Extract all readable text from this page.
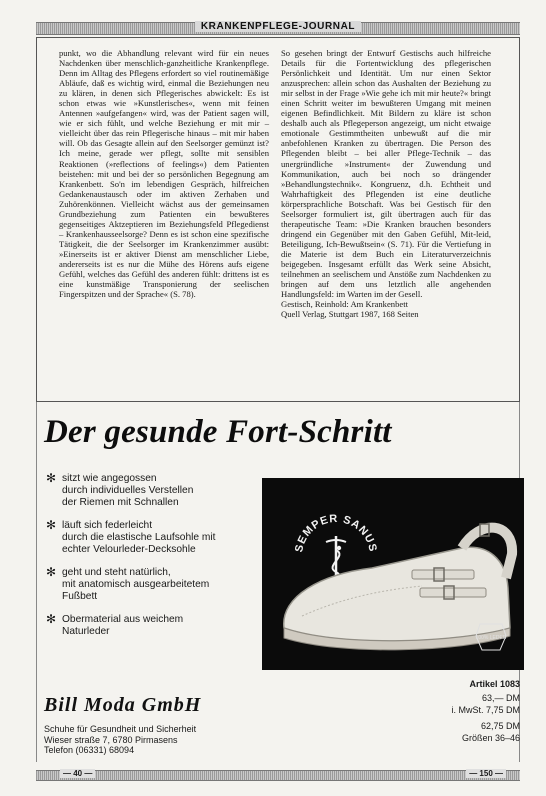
KRANKENPFLEGE-JOURNAL

punkt, wo die Abhandlung relevant wird für ein neues Nachdenken über menschlich-ganzheitliche Krankenpflege. Denn im Alltag des Pflegens erfordert so viel routinemäßige Abläufe, daß es wichtig wird, einmal die Beziehungen neu zu klären, in denen sich Pflegerisches abwickelt: Es ist schon etwas wie »Kunstlerisches«, wenn mit feinen Antennen »aufgefangen« wird, was der Patient sagen will, wie er sich fühlt, und welche Beziehung er mit mir – vielleicht über das rein Pflegerische hinaus – mit mir haben will. Ob das Gesagte allein auf den Seelsorger gemünzt ist? Ich meine, gerade wer pflegt, sollte mit sensiblen Reaktionen (»reflections of feelings«) dem Patienten beistehen: mit und bei der so persönlichen Begegnung am Krankenbett. So'n im lebendigen Gespräch, hilfreichen Gedankenaustausch oder im aktiven Zerhaben und Zuhörenkönnen. Vielleicht wächst aus der gemeinsamen Grundbeziehung zum Patienten ein bewußteres gegenseitiges Aktzeptieren im Beziehungsfeld Pflegedienst – Krankenhausseelsorge? Denn es ist schon eine spezifische Tätigkeit, die der Seelsorger im Krankenzimmer ausübt: »Einerseits ist er aktiver Dienst am menschlicher Liebe, andererseits ist es nur die Mühe des Hörens aufs eigene Gefühl, welches das Gefühl des anderen fühlt: drittens ist es eine kunstmäßige Transponierung der seelischen Fingerspitzen und der Sprache« (S. 78).

So gesehen bringt der Entwurf Gestischs auch hilfreiche Details für die Fortentwicklung des pflegerischen Persönlichkeit und Identität. Um nur einen Sektor anzusprechen: allein schon das Aushalten der Beziehung zu mir selbst in der Frage »Wie gehe ich mit mir heute?« bringt einen Schritt weiter im bewußteren Umgang mit meinen eigenen Befindlichkeit. Mit Bildern zu kläre ist schon deshalb auch als Pflegeperson angezeigt, um nicht etwaige emotionale Gestimmtheiten unbewußt auf die mir anbefohlenen Kranken zu übertragen. Die Person des Pflegenden bleibt – bei aller Pflege-Technik – das unergründliche »Instrument« der Zuwendung und Kommunikation, auch bei noch so drängender »Behandlungstechnik«. Kongruenz, d.h. Echtheit und Wahrhaftigkeit des Pflegenden ist eine deutliche körpersprachliche Botschaft. Was bei Gestisch für den Seelsorger formuliert ist, gilt übertragen auch für das therapeutische Team: »Die Kranken brauchen besonders dringend ein Gegenüber mit den Gaben Gefühl, Mit-leid, Beteiligung, Ich-Bewußtsein« (S. 71). Für die Vertiefung in die Materie ist dem Buch ein Literaturverzeichnis beigegeben. Insgesamt erfüllt das Werk seine Absicht, teilnehmen an seelischem und Anstöße zum Nachdenken zu bringen auf dem uns letztlich alle angehenden Handlungsfeld: im Warten im der Gesell.

Gestisch, Reinhold: Am Krankenbett

Quell Verlag, Stuttgart 1987, 168 Seiten

Der gesunde Fort-Schritt
✻ sitzt wie angegossen
durch individuelles Verstellen
der Riemen mit Schnallen
✻ läuft sich federleicht
durch die elastische Laufsohle mit
echter Velourleder-Decksohle
✻ geht und steht natürlich,
mit anatomisch ausgearbeitetem
Fußbett
✻ Obermaterial aus weichem
Naturleder
SEMPER SANUS
100% LEDER
Artikel 1083
63,— DM
i. MwSt. 7,75 DM
62,75 DM
Größen 36–46
Bill Moda GmbH
Schuhe für Gesundheit und Sicherheit
Wieser straße 7, 6780 Pirmasens
Telefon (06331) 68094
— 40 —	— 150 —
